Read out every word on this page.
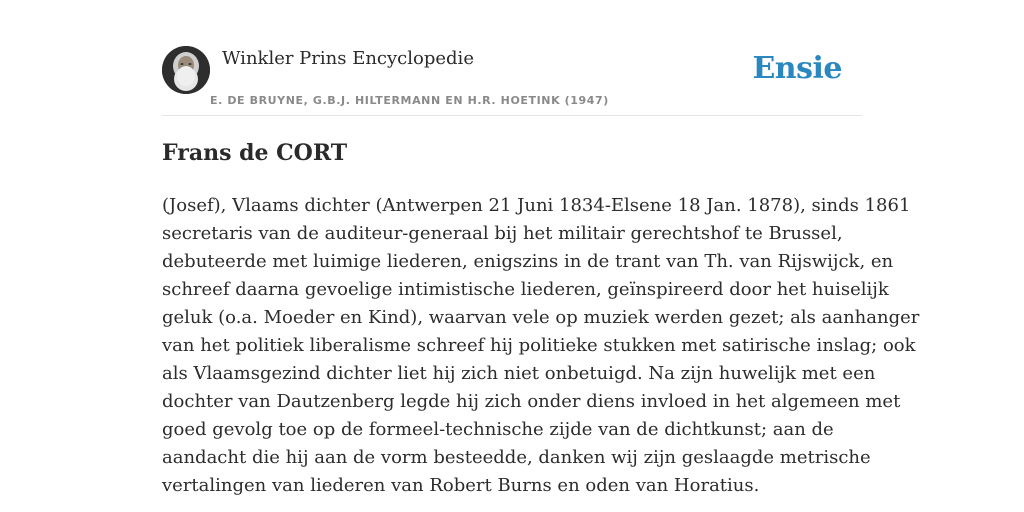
Winkler Prins Encyclopedie
E. DE BRUYNE, G.B.J. HILTERMANN EN H.R. HOETINK (1947)
Ensie
Frans de CORT
(Josef), Vlaams dichter (Antwerpen 21 Juni 1834-Elsene 18 Jan. 1878), sinds 1861
secretaris van de auditeur-generaal bij het militair gerechtshof te Brussel,
debuteerde met luimige liederen, enigszins in de trant van Th. van Rijswijck, en
schreef daarna gevoelige intimistische liederen, geïnspireerd door het huiselijk
geluk (o.a. Moeder en Kind), waarvan vele op muziek werden gezet; als aanhanger
van het politiek liberalisme schreef hij politieke stukken met satirische inslag; ook
als Vlaamsgezind dichter liet hij zich niet onbetuigd. Na zijn huwelijk met een
dochter van Dautzenberg legde hij zich onder diens invloed in het algemeen met
goed gevolg toe op de formeel-technische zijde van de dichtkunst; aan de
aandacht die hij aan de vorm besteedde, danken wij zijn geslaagde metrische
vertalingen van liederen van Robert Burns en oden van Horatius.
